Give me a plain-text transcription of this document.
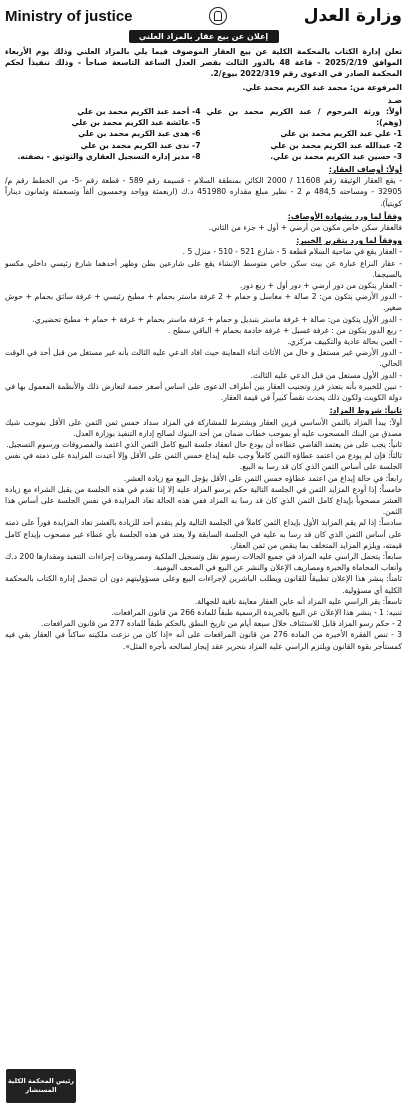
Ministry of justice	وزارة العدل
إعلان عن بيع عقار بالمزاد العلني

تعلن إدارة الكتاب بالمحكمة الكلية عن بيع العقار الموصوف فيما يلي بالمزاد العلني وذلك يوم الأربعاء الموافق 2025/2/19 - قاعة 48 بالدور الثالث بقصر العدل الساعة التاسعة صباحاً - وذلك تنفيذاً لحكم المحكمة الصادر في الدعوى رقم 2022/319 بيوع/2.

المرفوعة من: محمد عبد الكريم محمد علي.

ضـد

أولاً: ورثة المرحوم / عبد الكريم محمد بن علي (وهم):
1- علي عبد الكريم محمد بن علي
2- عبدالله عبد الكريم محمد بن علي
3- حسين عبد الكريم محمد بن علي.
4- أحمد عبد الكريم محمد بن علي
5- عائشة عبد الكريم محمد بن علي
6- هدى عبد الكريم محمد بن علي
7- ندى عبد الكريم محمد بن علي
8- مدير إدارة التسجيل العقاري والتوثيق - بصفته.

أولاً: أوصاف العقار:

- يقع العقار الوثيقة رقم 11608 / 2000 الكائن بمنطقة السلام - قسيمة رقم 589 - قطعة رقم -5- من الخطط رقم م/ 32905 - ومساحته 484,5 م 2 - نظير مبلغ مقداره 451980 د.ك (اربعمئة وواحد وخمسون ألفاً وتسعمئة وثمانون ديناراً كويتياً).

وفقاً لما ورد بشهادة الأوصاف:

فالعقار سكن خاص مكون من أرضي + أول + جزء من الثاني.

ووفقاً لما ورد بتقرير الخبير:

- العقار يقع في ضاحية السلام قطعة 5 - شارع 521 - 510 - منزل 5 .

- عقار النزاع عبارة عن بيت سكن خاص متوسط الإنشاء يقع على شارعين بطن وظهر أحدهما شارع رئيسي داخلي مكسو بالسيجما.

- العقار يتكون من دور أرضي + دور أول + ربع دور.

- الدور الأرضي يتكون من: 2 صالة + مغاسل و حمام + 2 غرفة ماستر بحمام + مطبخ رئيسي + غرفة سائق بحمام + حوش صغير.

- الدور الأول يتكون من: صالة + غرفة ماستر بتبديل و حمام + غرفة ماستر بحمام + غرفة + حمام + مطبخ تحضيري.

- ربع الدور يتكون من : غرفة غسيل + غرفة خادمة بحمام + الباقي سطح .

- العين بحالة عادية والتكييف مركزي.

- الدور الأرضي غير مستغل و خال من الأثاث أثناء المعاينة حيث افاد الدعي عليه الثالث بأنه غير مستغل من قبل أحد في الوقت الحالي.

- الدور الأول مستغل من قبل الدعي عليه الثالث.

- تبين للخبيرة بأنه يتعذر فرز وتجنيب العقار بين أطراف الدعوى على اساس أصغر حصة لتعارض ذلك والأنظمة المعمول بها في دولة الكويت ولكون ذلك يحدث نقصاً كبيراً في قيمة العقار.

ثانياً: شروط المزاد:

أولاً: يبدأ المزاد بالثمن الأساسي قرين العقار ويشترط للمشاركة في المزاد سداد خمس ثمن الثمن على الأقل بموجب شيك مصدق من البنك المسحوب عليه أو بموجب خطاب ضمان من أحد البنوك لصالح إدارة التنفيذ بوزارة العدل.

ثانياً: يجب على من يعتمد القاضي عطاءه أن يودع حال انعقاد جلسة البيع كامل الثمن الذي اعتمد والمصروفات ورسوم التسجيل.

ثالثاً: فإن لم يودع من اعتمد عطاؤه الثمن كاملاً وجب عليه إيداع خمس الثمن على الأقل وإلا أعيدت المزايدة على ذمته في نفس الجلسة على أساس الثمن الذي كان قد رسا به البيع.

رابعاً: في حالة إيداع من اعتمد عطاؤه خمس الثمن على الأقل يؤجل البيع مع زيادة العشر.

خامساً: إذا أودع المزايد الثمن في الجلسة التالية حكم برسو المزاد عليه إلا إذا تقدم في هذه الجلسة من يقبل الشراء مع زيادة العشر مصحوباً بإيداع كامل الثمن الذي كان قد رسا به المزاد ففي هذه الحالة تعاد المزايدة في نفس الجلسة على أساس هذا الثمن.

سادساً: إذا لم يقم المزايد الأول بإيداع الثمن كاملاً في الجلسة التالية ولم يتقدم أحد للزيادة بالعشر تعاد المزايدة فوراً على ذمته على أساس الثمن الذي كان قد رسا به عليه في الجلسة السابقة ولا يعتد في هذه الجلسة بأي عطاء غير مصحوب بإيداع كامل قيمته، ويلزم المزايد المتخلف بما ينقص من ثمن العقار.

سابعاً: يتحمل الراسي عليه المزاد في جميع الحالات رسوم نقل وتسجيل الملكية ومصروفات إجراءات التنفيذ ومقدارها 200 د.ك وأتعاب المحاماة والخبرة ومصاريف الإعلان والنشر عن البيع في الصحف اليومية.

ثامناً: ينشر هذا الإعلان تطبيقاً للقانون ويطلب الباشرين لإجراءات البيع وعلى مسؤوليتهم دون أن تتحمل إدارة الكتاب بالمحكمة الكلية أي مسؤولية.

تاسعاً: يقر الراسي عليه المزاد أنه عاين العقار معاينة نافية للجهالة.

تنبيه: 1 - ينشر هذا الإعلان عن البيع بالجريدة الرسمية طبقاً للمادة 266 من قانون المرافعات.

2 - حكم رسو المزاد قابل للاستئناف خلال سبعة أيام من تاريخ النطق بالحكم طبقاً للمادة 277 من قانون المرافعات.

3 - تنص الفقرة الأخيرة من المادة 276 من قانون المرافعات على أنه «إذا كان من نزعت ملكيته ساكناً في العقار بقي فيه كمستأجر بقوة القانون ويلتزم الراسي عليه المزاد بتحرير عقد إيجار لصالحه بأجرة المثل».

رئيس المحكمة الكلية
المستشار
